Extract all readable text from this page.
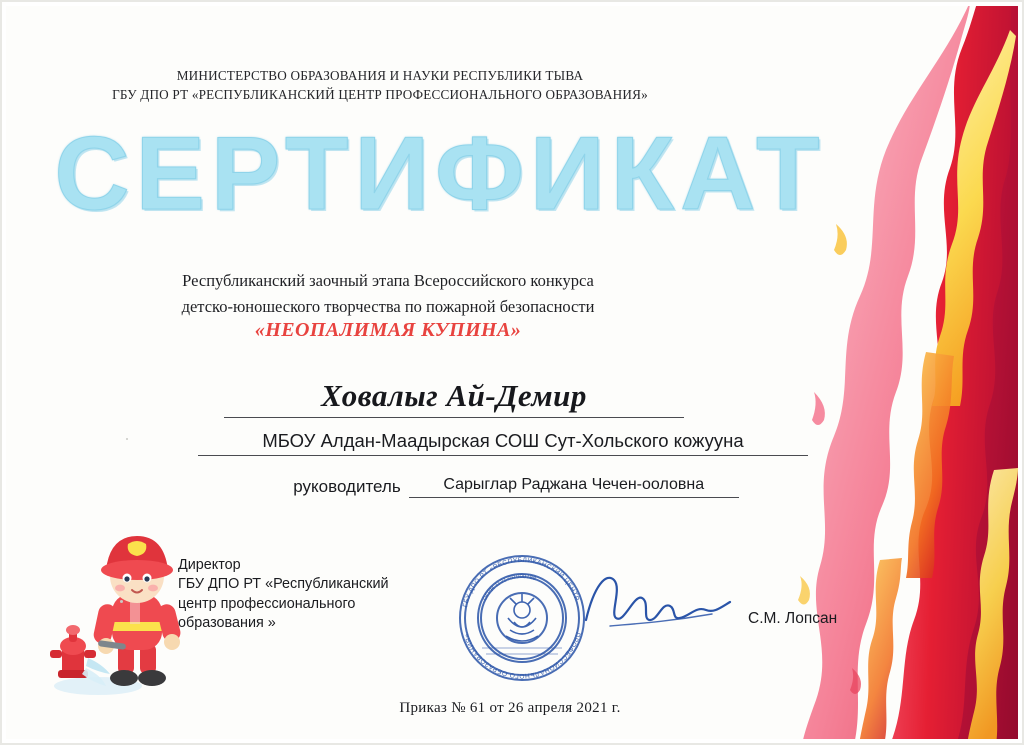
МИНИСТЕРСТВО ОБРАЗОВАНИЯ И НАУКИ РЕСПУБЛИКИ ТЫВА
ГБУ ДПО РТ «РЕСПУБЛИКАНСКИЙ ЦЕНТР ПРОФЕССИОНАЛЬНОГО ОБРАЗОВАНИЯ»
СЕРТИФИКАТ
Республиканский заочный этапа Всероссийского конкурса
детско-юношеского творчества по пожарной безопасности
«НЕОПАЛИМАЯ КУПИНА»
Ховалыг Ай-Демир
МБОУ Алдан-Маадырская СОШ Сут-Хольского кожууна
руководитель	Сарыглар Раджана Чечен-ооловна
Директор
ГБУ ДПО РТ «Республиканский
центр профессионального
образования »
ГБУ ДПО РТ «РЕСПУБЛИКАНСКИЙ ЦЕНТР
ПРОФЕССИОНАЛЬНОГО ОБРАЗОВАНИЯ»
ОГРН 1121701000788
С.М. Лопсан
Приказ № 61 от 26 апреля 2021 г.
